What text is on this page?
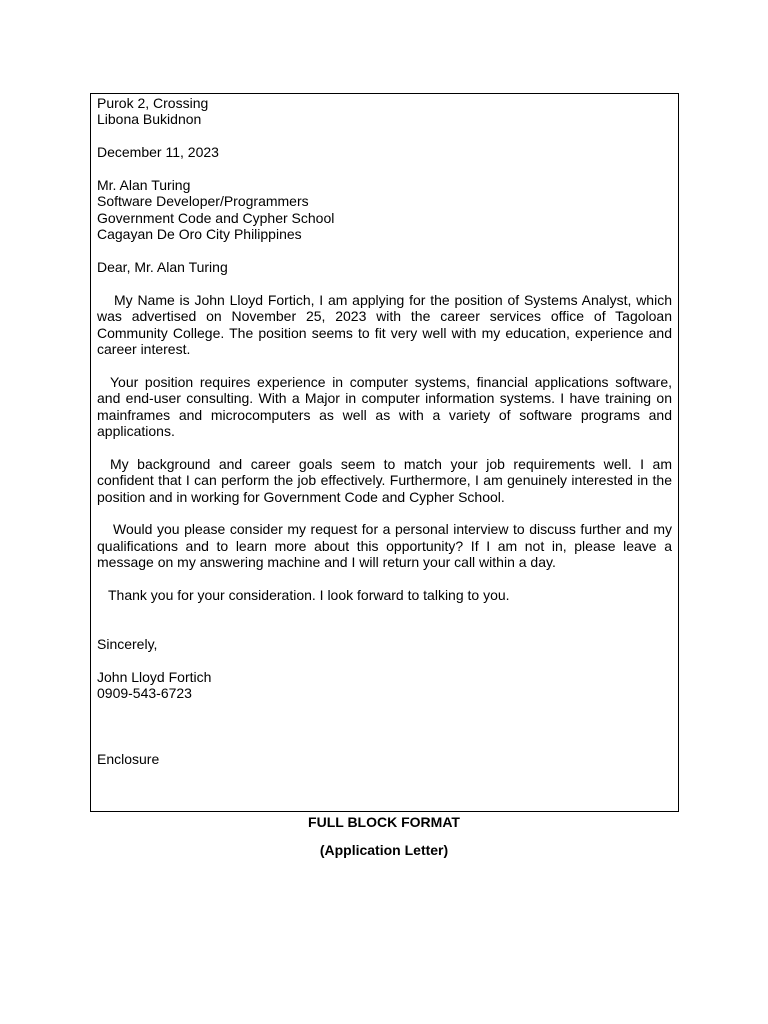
Purok 2, Crossing
Libona Bukidnon
December 11, 2023
Mr. Alan Turing
Software Developer/Programmers
Government Code and Cypher School
Cagayan De Oro City Philippines
Dear, Mr. Alan Turing
My Name is John Lloyd Fortich, I am applying for the position of Systems Analyst, which was advertised on November 25, 2023 with the career services office of Tagoloan Community College. The position seems to fit very well with my education, experience and career interest.
Your position requires experience in computer systems, financial applications software, and end-user consulting. With a Major in computer information systems. I have training on mainframes and microcomputers as well as with a variety of software programs and applications.
My background and career goals seem to match your job requirements well. I am confident that I can perform the job effectively. Furthermore, I am genuinely interested in the position and in working for Government Code and Cypher School.
Would you please consider my request for a personal interview to discuss further and my qualifications and to learn more about this opportunity? If I am not in, please leave a message on my answering machine and I will return your call within a day.
Thank you for your consideration. I look forward to talking to you.
Sincerely,
John Lloyd Fortich
0909-543-6723
Enclosure
FULL BLOCK FORMAT
(Application Letter)
